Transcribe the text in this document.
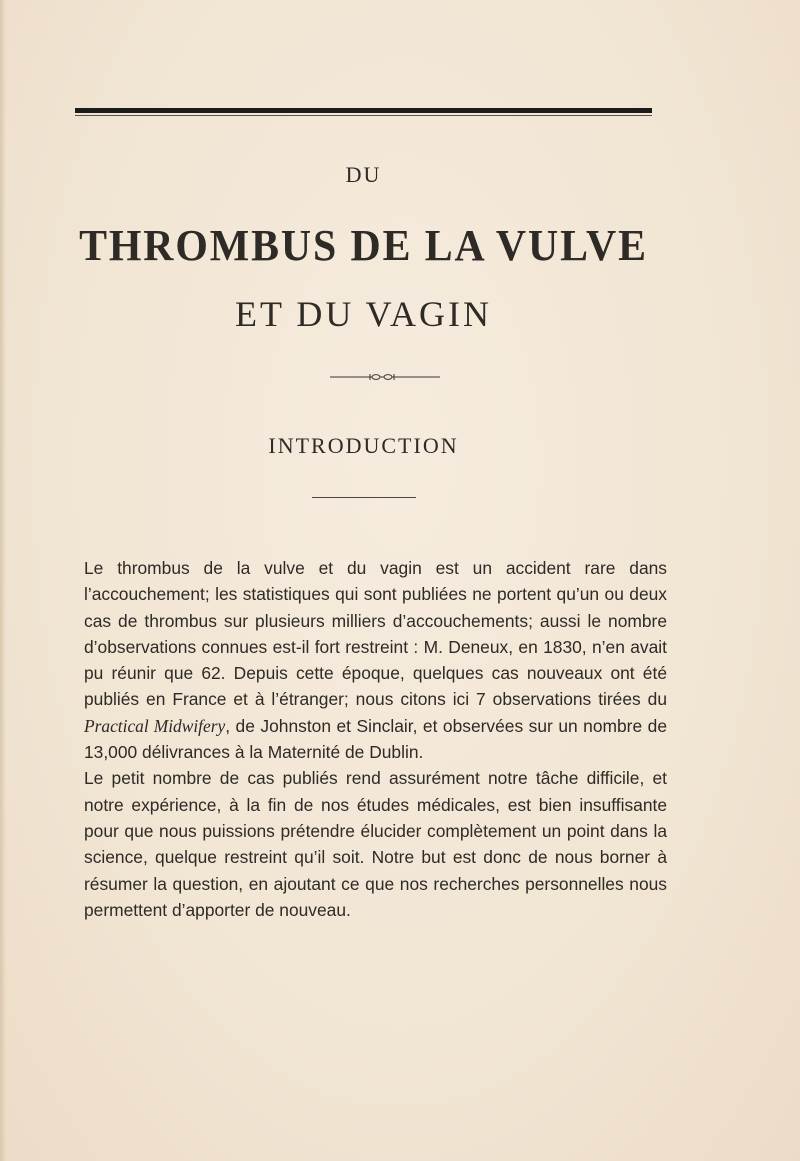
DU
THROMBUS DE LA VULVE
ET DU VAGIN
INTRODUCTION

Le thrombus de la vulve et du vagin est un accident rare dans l’accouchement; les statistiques qui sont publiées ne portent qu’un ou deux cas de thrombus sur plusieurs milliers d’accouchements; aussi le nombre d’observations connues est-il fort restreint : M. Deneux, en 1830, n’en avait pu réunir que 62. Depuis cette époque, quelques cas nouveaux ont été publiés en France et à l’étranger; nous citons ici 7 observations tirées du Practical Midwifery, de Johnston et Sinclair, et observées sur un nombre de 13,000 délivrances à la Maternité de Dublin.

Le petit nombre de cas publiés rend assurément notre tâche difficile, et notre expérience, à la fin de nos études médicales, est bien insuffisante pour que nous puissions prétendre élucider complètement un point dans la science, quelque restreint qu’il soit. Notre but est donc de nous borner à résumer la question, en ajoutant ce que nos recherches personnelles nous permettent d’apporter de nouveau.
